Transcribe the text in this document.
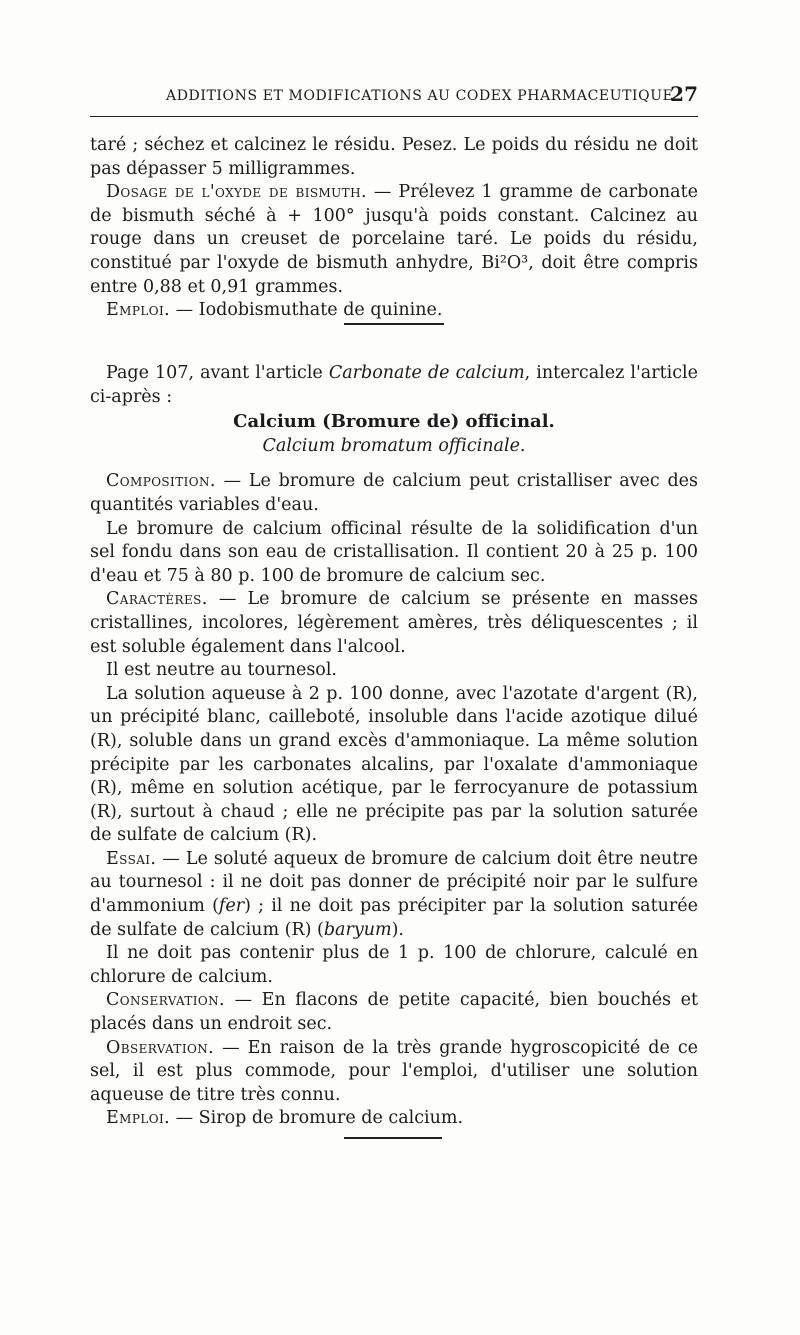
ADDITIONS ET MODIFICATIONS AU CODEX PHARMACEUTIQUE
27

taré ; séchez et calcinez le résidu. Pesez. Le poids du résidu ne doit pas dépasser 5 milligrammes.

Dosage de l'oxyde de bismuth. — Prélevez 1 gramme de carbonate de bismuth séché à + 100° jusqu'à poids constant. Calcinez au rouge dans un creuset de porcelaine taré. Le poids du résidu, constitué par l'oxyde de bismuth anhydre, Bi²O³, doit être compris entre 0,88 et 0,91 grammes.

Emploi. — Iodobismuthate de quinine.

Page 107, avant l'article Carbonate de calcium, intercalez l'article ci-après :

Calcium (Bromure de) officinal.

Calcium bromatum officinale.

Composition. — Le bromure de calcium peut cristalliser avec des quantités variables d'eau.

Le bromure de calcium officinal résulte de la solidification d'un sel fondu dans son eau de cristallisation. Il contient 20 à 25 p. 100 d'eau et 75 à 80 p. 100 de bromure de calcium sec.

Caractères. — Le bromure de calcium se présente en masses cristallines, incolores, légèrement amères, très déliquescentes ; il est soluble également dans l'alcool.

Il est neutre au tournesol.

La solution aqueuse à 2 p. 100 donne, avec l'azotate d'argent (R), un précipité blanc, caillebоté, insoluble dans l'acide azotique dilué (R), soluble dans un grand excès d'ammoniaque. La même solution précipite par les carbonates alcalins, par l'oxalate d'ammoniaque (R), même en solution acétique, par le ferrocyanure de potassium (R), surtout à chaud ; elle ne précipite pas par la solution saturée de sulfate de calcium (R).

Essai. — Le soluté aqueux de bromure de calcium doit être neutre au tournesol : il ne doit pas donner de précipité noir par le sulfure d'ammonium (fer) ; il ne doit pas précipiter par la solution saturée de sulfate de calcium (R) (baryum).

Il ne doit pas contenir plus de 1 p. 100 de chlorure, calculé en chlorure de calcium.

Conservation. — En flacons de petite capacité, bien bouchés et placés dans un endroit sec.

Observation. — En raison de la très grande hygroscopicité de ce sel, il est plus commode, pour l'emploi, d'utiliser une solution aqueuse de titre très connu.

Emploi. — Sirop de bromure de calcium.
